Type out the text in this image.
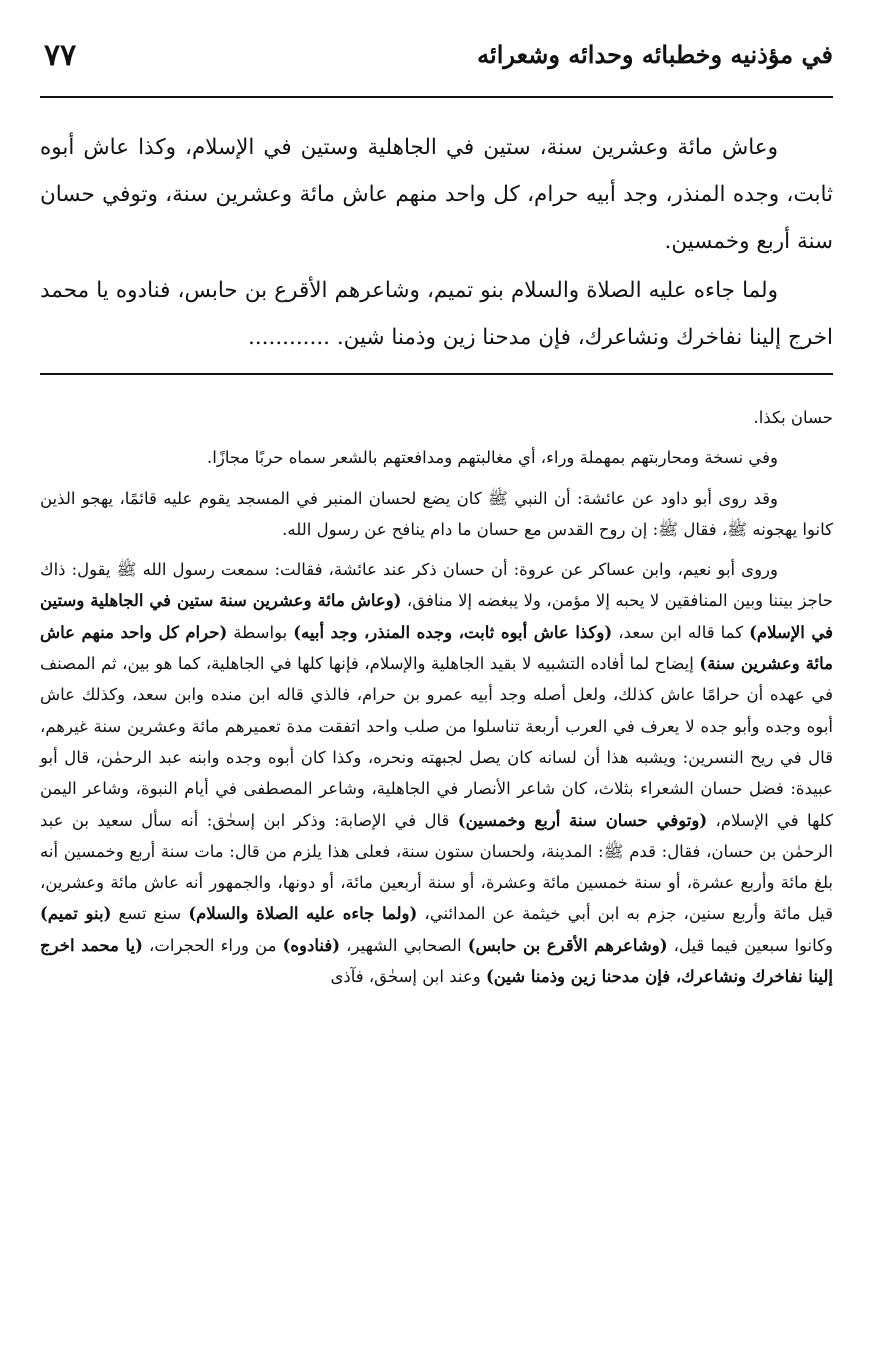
في مؤذنيه وخطبائه وحدائه وشعرائه
٧٧

وعاش مائة وعشرين سنة، ستين في الجاهلية وستين في الإسلام، وكذا عاش أبوه ثابت، وجده المنذر، وجد أبيه حرام، كل واحد منهم عاش مائة وعشرين سنة، وتوفي حسان سنة أربع وخمسين.

ولما جاءه عليه الصلاة والسلام بنو تميم، وشاعرهم الأقرع بن حابس، فنادوه يا محمد اخرج إلينا نفاخرك ونشاعرك، فإن مدحنا زين وذمنا شين. ............

حسان بكذا.

وفي نسخة ومحاربتهم بمهملة وراء، أي مغالبتهم ومدافعتهم بالشعر سماه حربًا مجازًا.

وقد روى أبو داود عن عائشة: أن النبي ﷺ كان يضع لحسان المنبر في المسجد يقوم عليه قائمًا، يهجو الذين كانوا يهجونه ﷺ، فقال ﷺ: إن روح القدس مع حسان ما دام ينافح عن رسول الله.

وروى أبو نعيم، وابن عساكر عن عروة: أن حسان ذكر عند عائشة، فقالت: سمعت رسول الله ﷺ يقول: ذاك حاجز بيننا وبين المنافقين لا يحبه إلا مؤمن، ولا يبغضه إلا منافق، (وعاش مائة وعشرين سنة ستين في الجاهلية وستين في الإسلام) كما قاله ابن سعد، (وكذا عاش أبوه ثابت، وجده المنذر، وجد أبيه) بواسطة (حرام كل واحد منهم عاش مائة وعشرين سنة) إيضاح لما أفاده التشبيه لا بقيد الجاهلية والإسلام، فإنها كلها في الجاهلية، كما هو بين، ثم المصنف في عهده أن حرامًا عاش كذلك، ولعل أصله وجد أبيه عمرو بن حرام، فالذي قاله ابن منده وابن سعد، وكذلك عاش أبوه وجده وأبو جده لا يعرف في العرب أربعة تناسلوا من صلب واحد اتفقت مدة تعميرهم مائة وعشرين سنة غيرهم، قال في ريح النسرين: ويشبه هذا أن لسانه كان يصل لجبهته ونحره، وكذا كان أبوه وجده وابنه عبد الرحمٰن، قال أبو عبيدة: فضل حسان الشعراء بثلاث، كان شاعر الأنصار في الجاهلية، وشاعر المصطفى في أيام النبوة، وشاعر اليمن كلها في الإسلام، (وتوفي حسان سنة أربع وخمسين) قال في الإصابة: وذكر ابن إسحٰق: أنه سأل سعيد بن عبد الرحمٰن بن حسان، فقال: قدم ﷺ: المدينة، ولحسان ستون سنة، فعلى هذا يلزم من قال: مات سنة أربع وخمسين أنه بلغ مائة وأربع عشرة، أو سنة خمسين مائة وعشرة، أو سنة أربعين مائة، أو دونها، والجمهور أنه عاش مائة وعشرين، قيل مائة وأربع سنين، جزم به ابن أبي خيثمة عن المدائني، (ولما جاءه عليه الصلاة والسلام) سنع تسع (بنو تميم) وكانوا سبعين فيما قيل، (وشاعرهم الأقرع بن حابس) الصحابي الشهير، (فنادوه) من وراء الحجرات، (يا محمد اخرج إلينا نفاخرك ونشاعرك، فإن مدحنا زين وذمنا شين) وعند ابن إسحٰق، فآذى
